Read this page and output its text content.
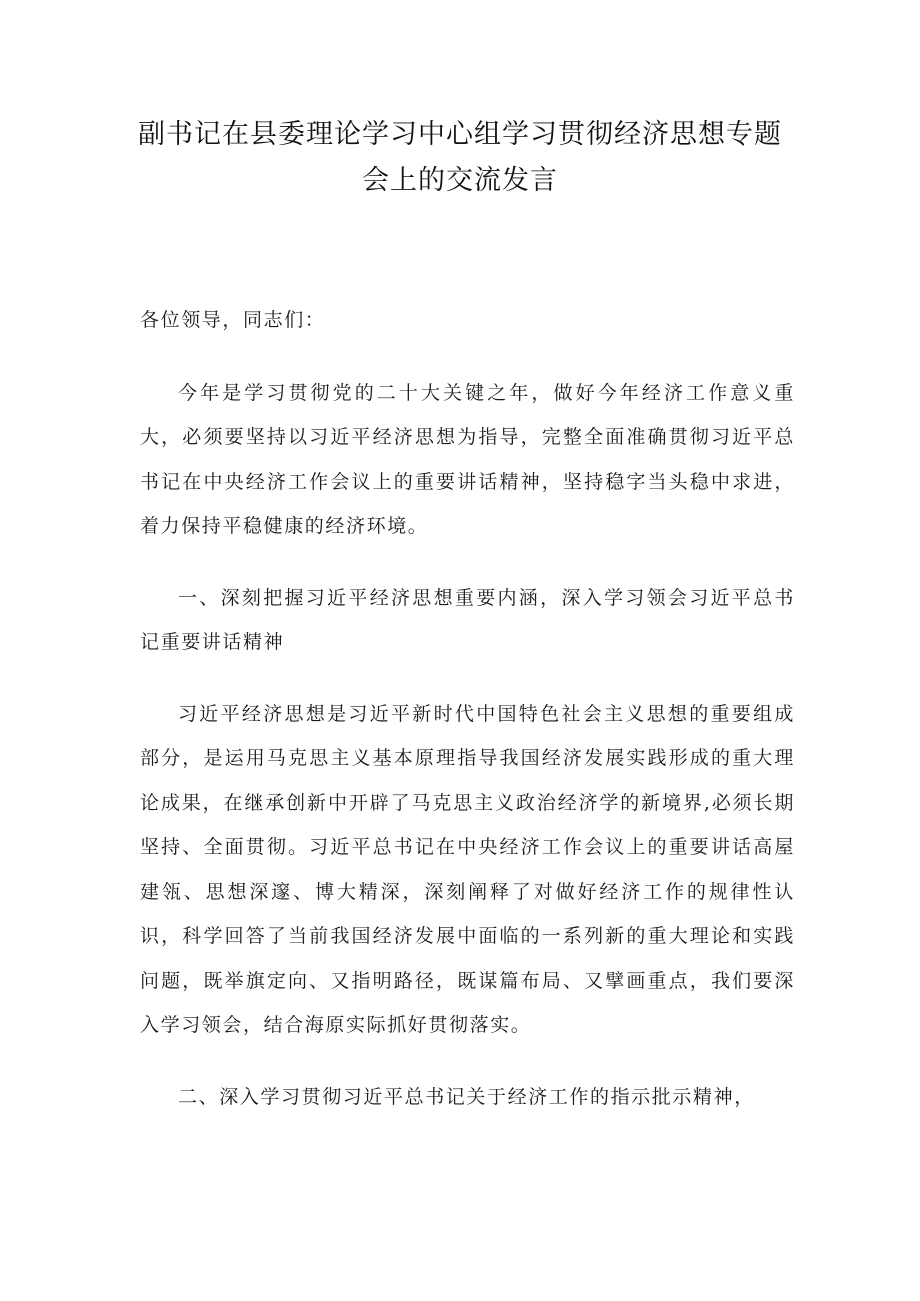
副书记在县委理论学习中心组学习贯彻经济思想专题
会上的交流发言

各位领导，同志们：

今年是学习贯彻党的二十大关键之年，做好今年经济工作意义重大，必须要坚持以习近平经济思想为指导，完整全面准确贯彻习近平总书记在中央经济工作会议上的重要讲话精神，坚持稳字当头稳中求进，着力保持平稳健康的经济环境。

一、深刻把握习近平经济思想重要内涵，深入学习领会习近平总书记重要讲话精神

习近平经济思想是习近平新时代中国特色社会主义思想的重要组成部分，是运用马克思主义基本原理指导我国经济发展实践形成的重大理论成果，在继承创新中开辟了马克思主义政治经济学的新境界,必须长期坚持、全面贯彻。习近平总书记在中央经济工作会议上的重要讲话高屋建瓴、思想深邃、博大精深，深刻阐释了对做好经济工作的规律性认识，科学回答了当前我国经济发展中面临的一系列新的重大理论和实践问题，既举旗定向、又指明路径，既谋篇布局、又擘画重点，我们要深入学习领会，结合海原实际抓好贯彻落实。

二、深入学习贯彻习近平总书记关于经济工作的指示批示精神，
